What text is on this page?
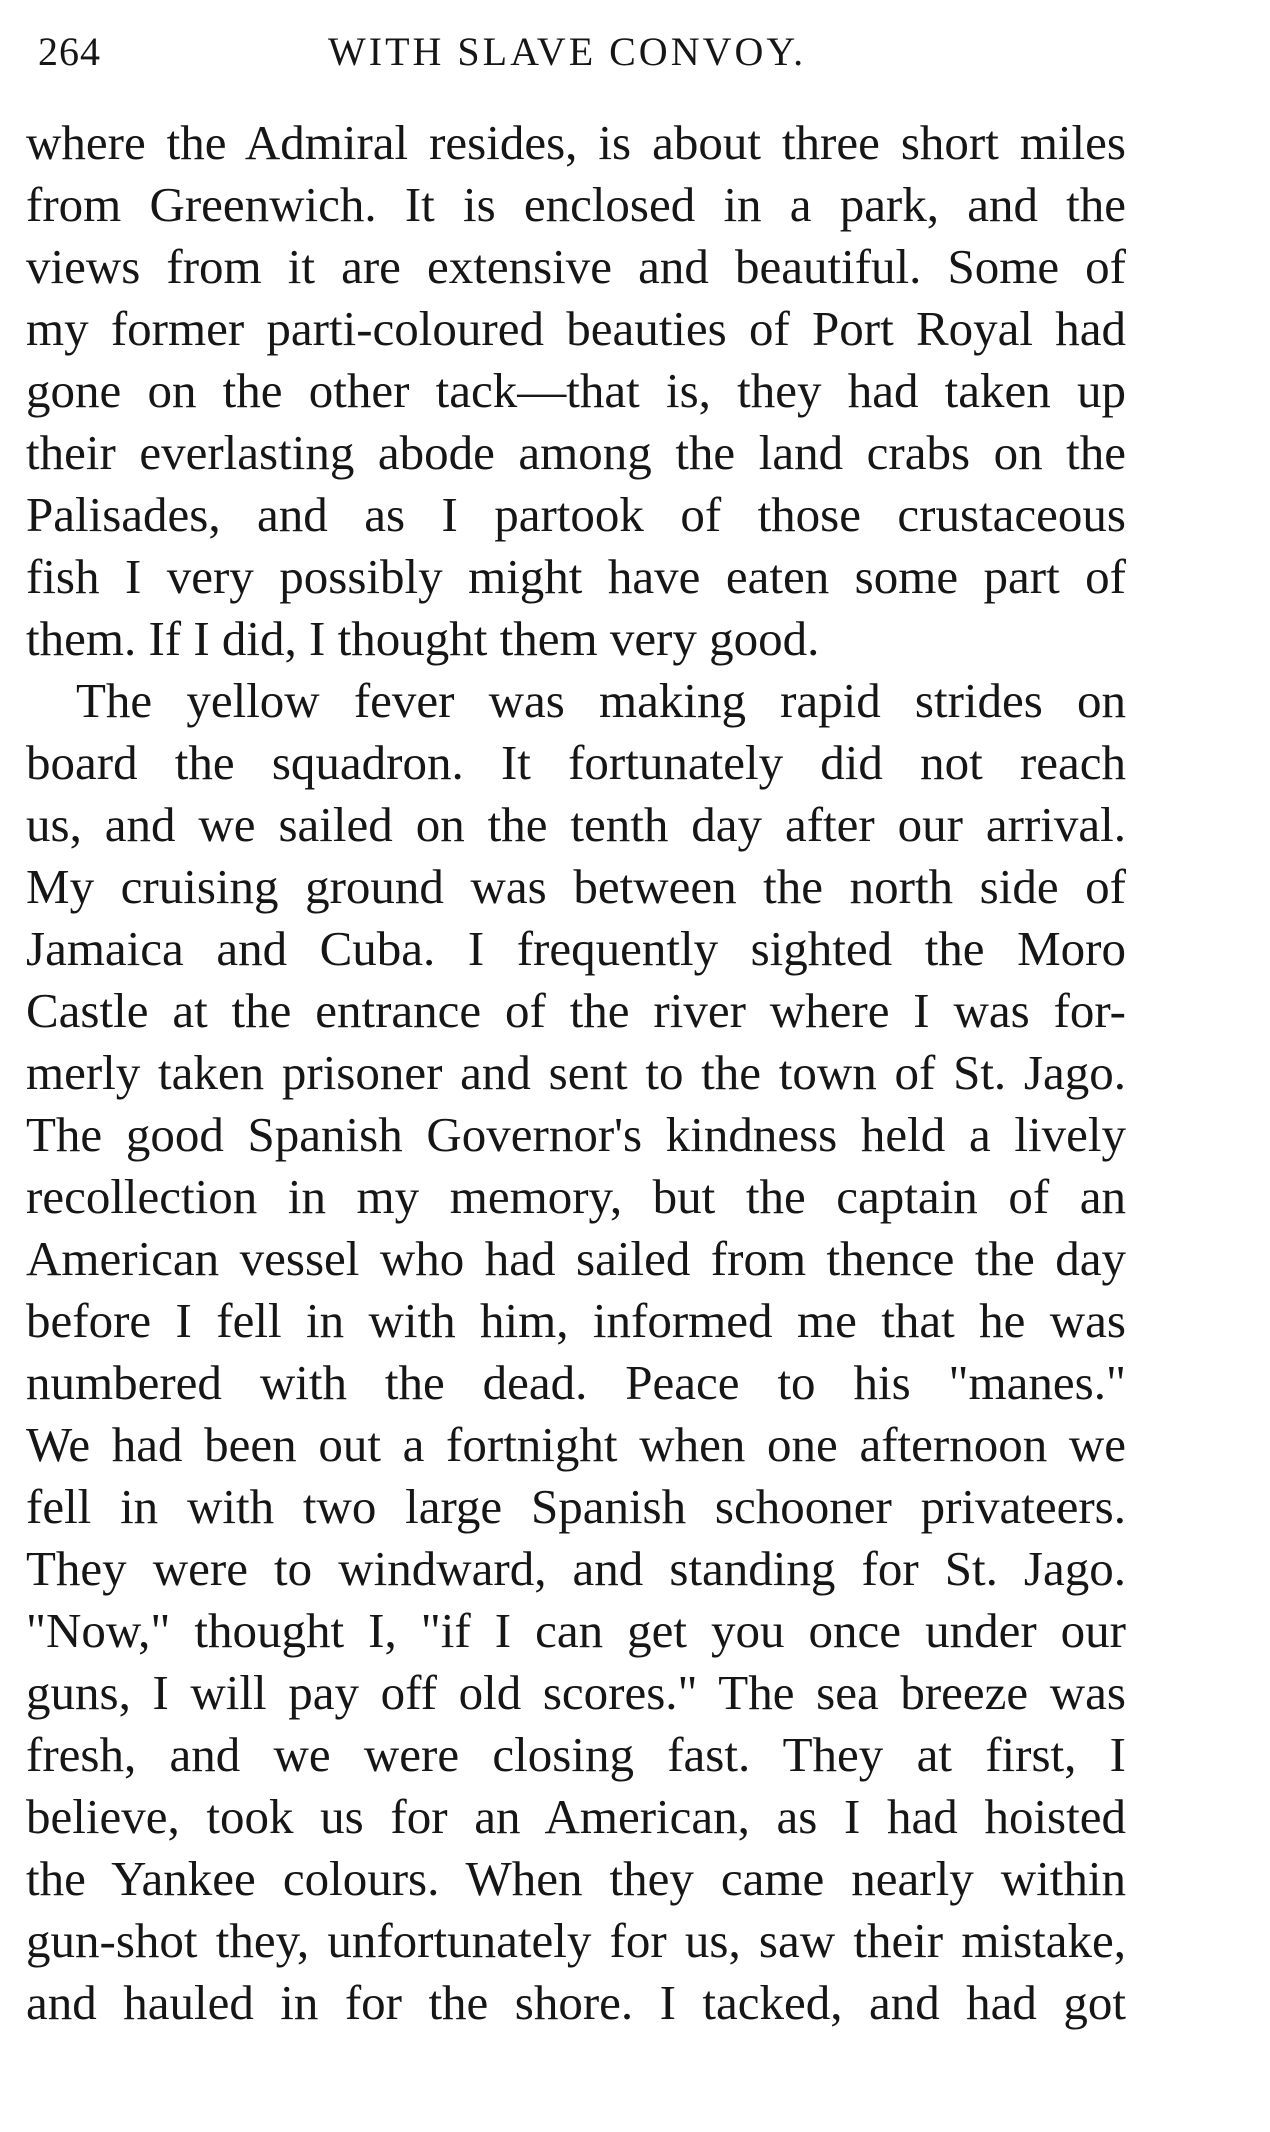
264	WITH SLAVE CONVOY.
where the Admiral resides, is about three short miles
from Greenwich. It is enclosed in a park, and the
views from it are extensive and beautiful. Some of
my former parti-coloured beauties of Port Royal had
gone on the other tack—that is, they had taken up
their everlasting abode among the land crabs on the
Palisades, and as I partook of those crustaceous
fish I very possibly might have eaten some part of
them. If I did, I thought them very good.
The yellow fever was making rapid strides on
board the squadron. It fortunately did not reach
us, and we sailed on the tenth day after our arrival.
My cruising ground was between the north side of
Jamaica and Cuba. I frequently sighted the Moro
Castle at the entrance of the river where I was for-
merly taken prisoner and sent to the town of St. Jago.
The good Spanish Governor's kindness held a lively
recollection in my memory, but the captain of an
American vessel who had sailed from thence the day
before I fell in with him, informed me that he was
numbered with the dead. Peace to his "manes."
We had been out a fortnight when one afternoon we
fell in with two large Spanish schooner privateers.
They were to windward, and standing for St. Jago.
"Now," thought I, "if I can get you once under our
guns, I will pay off old scores." The sea breeze was
fresh, and we were closing fast. They at first, I
believe, took us for an American, as I had hoisted
the Yankee colours. When they came nearly within
gun-shot they, unfortunately for us, saw their mistake,
and hauled in for the shore. I tacked, and had got
